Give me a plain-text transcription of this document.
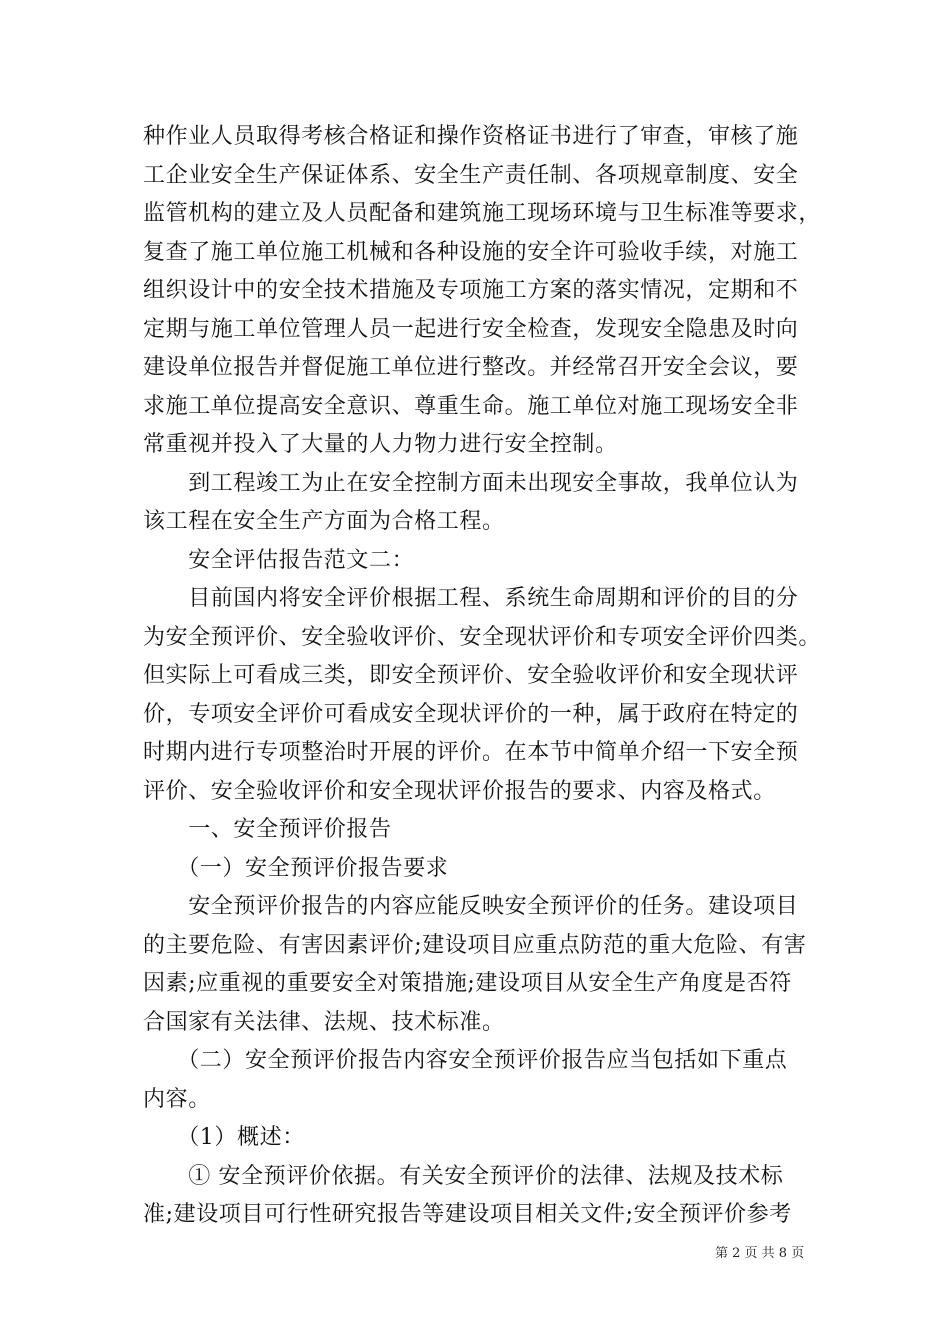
种作业人员取得考核合格证和操作资格证书进行了审查，审核了施
工企业安全生产保证体系、安全生产责任制、各项规章制度、安全
监管机构的建立及人员配备和建筑施工现场环境与卫生标准等要求，
复查了施工单位施工机械和各种设施的安全许可验收手续，对施工
组织设计中的安全技术措施及专项施工方案的落实情况，定期和不
定期与施工单位管理人员一起进行安全检查，发现安全隐患及时向
建设单位报告并督促施工单位进行整改。并经常召开安全会议，要
求施工单位提高安全意识、尊重生命。施工单位对施工现场安全非
常重视并投入了大量的人力物力进行安全控制。
　　到工程竣工为止在安全控制方面未出现安全事故，我单位认为
该工程在安全生产方面为合格工程。
　　安全评估报告范文二：
　　目前国内将安全评价根据工程、系统生命周期和评价的目的分
为安全预评价、安全验收评价、安全现状评价和专项安全评价四类。
但实际上可看成三类，即安全预评价、安全验收评价和安全现状评
价，专项安全评价可看成安全现状评价的一种，属于政府在特定的
时期内进行专项整治时开展的评价。在本节中简单介绍一下安全预
评价、安全验收评价和安全现状评价报告的要求、内容及格式。
　　一、安全预评价报告
　　（一）安全预评价报告要求
　　安全预评价报告的内容应能反映安全预评价的任务。建设项目
的主要危险、有害因素评价;建设项目应重点防范的重大危险、有害
因素;应重视的重要安全对策措施;建设项目从安全生产角度是否符
合国家有关法律、法规、技术标准。
　　（二）安全预评价报告内容安全预评价报告应当包括如下重点
内容。
　　（1）概述：
　　① 安全预评价依据。有关安全预评价的法律、法规及技术标
准;建设项目可行性研究报告等建设项目相关文件;安全预评价参考
第 2 页 共 8 页
